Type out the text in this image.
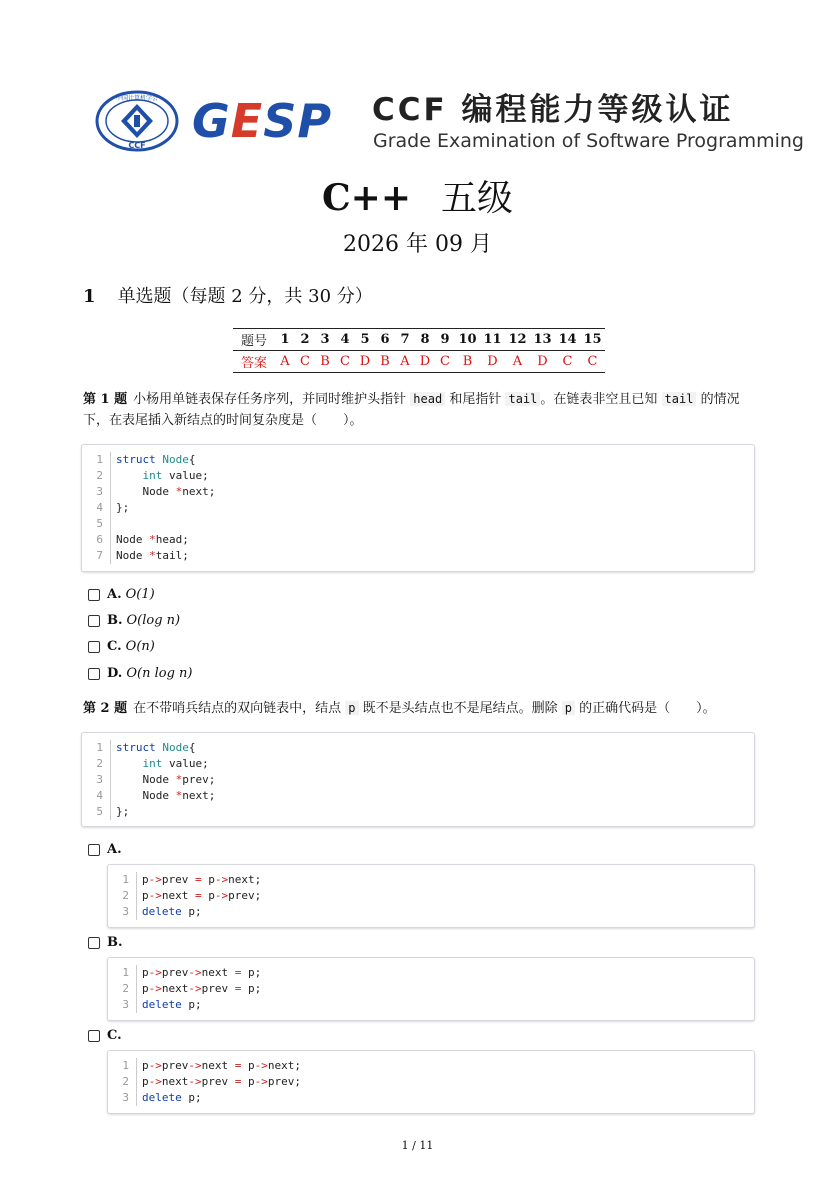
CCF
中国计算机学会 GESP CCF 编程能力等级认证
Grade Examination of Software Programming
C++ 五级
2026 年 09 月
1 单选题（每题 2 分，共 30 分）
题号	1	2	3	4	5	6	7	8	9	10	11	12	13	14	15
答案	A	C	B	C	D	B	A	D	C	B	D	A	D	C	C
第 1 题 小杨用单链表保存任务序列，并同时维护头指针 head 和尾指针 tail 。在链表非空且已知 tail 的情况下，在表尾插入新结点的时间复杂度是（　　）。
1	struct Node{
2	int value;
3	Node *next;
4	};
5
6	Node *head;
7	Node *tail;
A. O(1)
B. O(log n)
C. O(n)
D. O(n log n)
第 2 题 在不带哨兵结点的双向链表中，结点 p 既不是头结点也不是尾结点。删除 p 的正确代码是（　　）。
1	struct Node{
2	int value;
3	Node *prev;
4	Node *next;
5	};
A.
1	p->prev = p->next;
2	p->next = p->prev;
3	delete p;
B.
1	p->prev->next = p;
2	p->next->prev = p;
3	delete p;
C.
1	p->prev->next = p->next;
2	p->next->prev = p->prev;
3	delete p;
1 / 11
